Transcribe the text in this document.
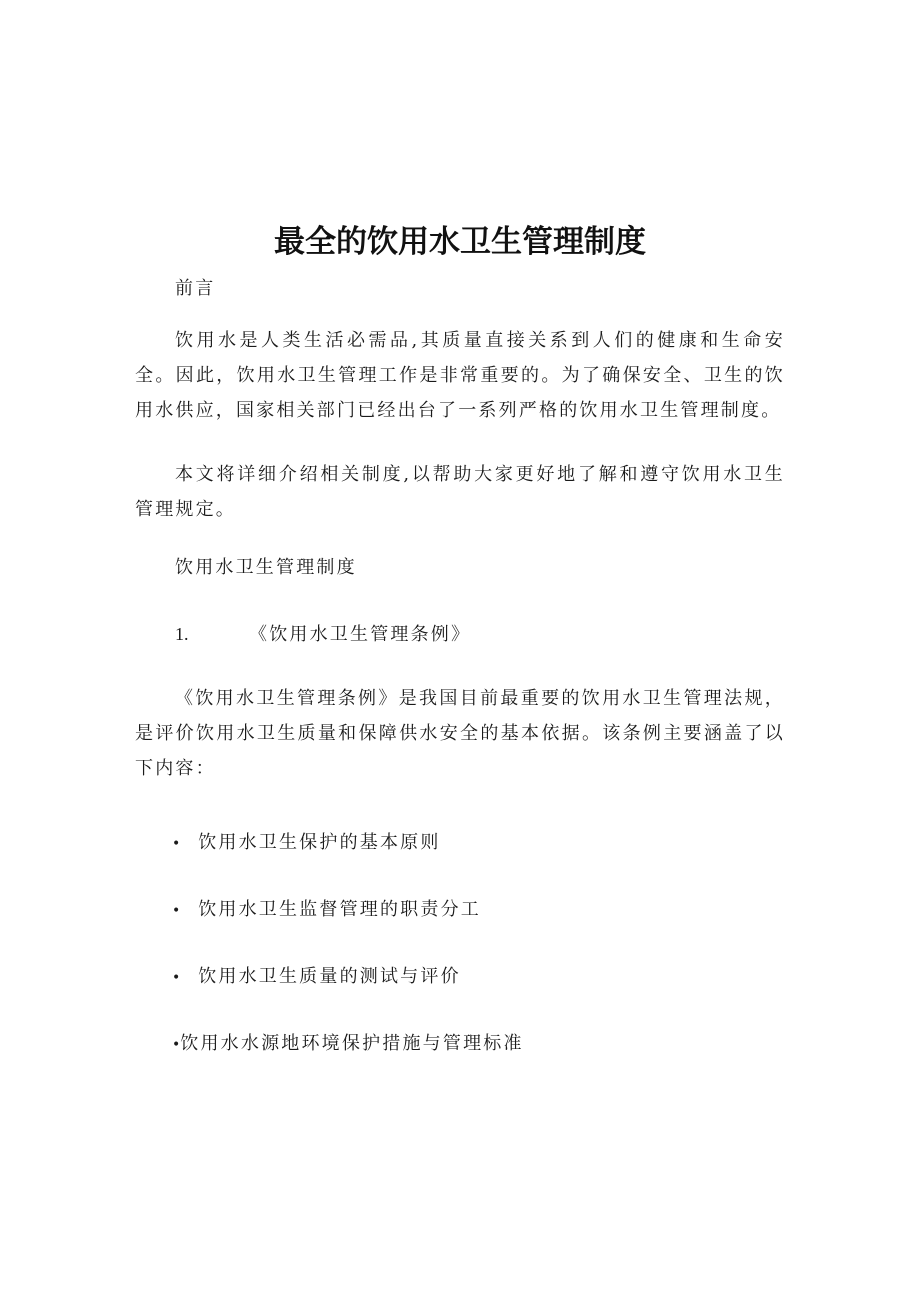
最全的饮用水卫生管理制度
前言
饮用水是人类生活必需品,其质量直接关系到人们的健康和生命安全。因此，饮用水卫生管理工作是非常重要的。为了确保安全、卫生的饮用水供应，国家相关部门已经出台了一系列严格的饮用水卫生管理制度。
本文将详细介绍相关制度,以帮助大家更好地了解和遵守饮用水卫生管理规定。
饮用水卫生管理制度
1.	《饮用水卫生管理条例》
《饮用水卫生管理条例》是我国目前最重要的饮用水卫生管理法规，是评价饮用水卫生质量和保障供水安全的基本依据。该条例主要涵盖了以下内容：
• 饮用水卫生保护的基本原则
• 饮用水卫生监督管理的职责分工
• 饮用水卫生质量的测试与评价
•饮用水水源地环境保护措施与管理标准
